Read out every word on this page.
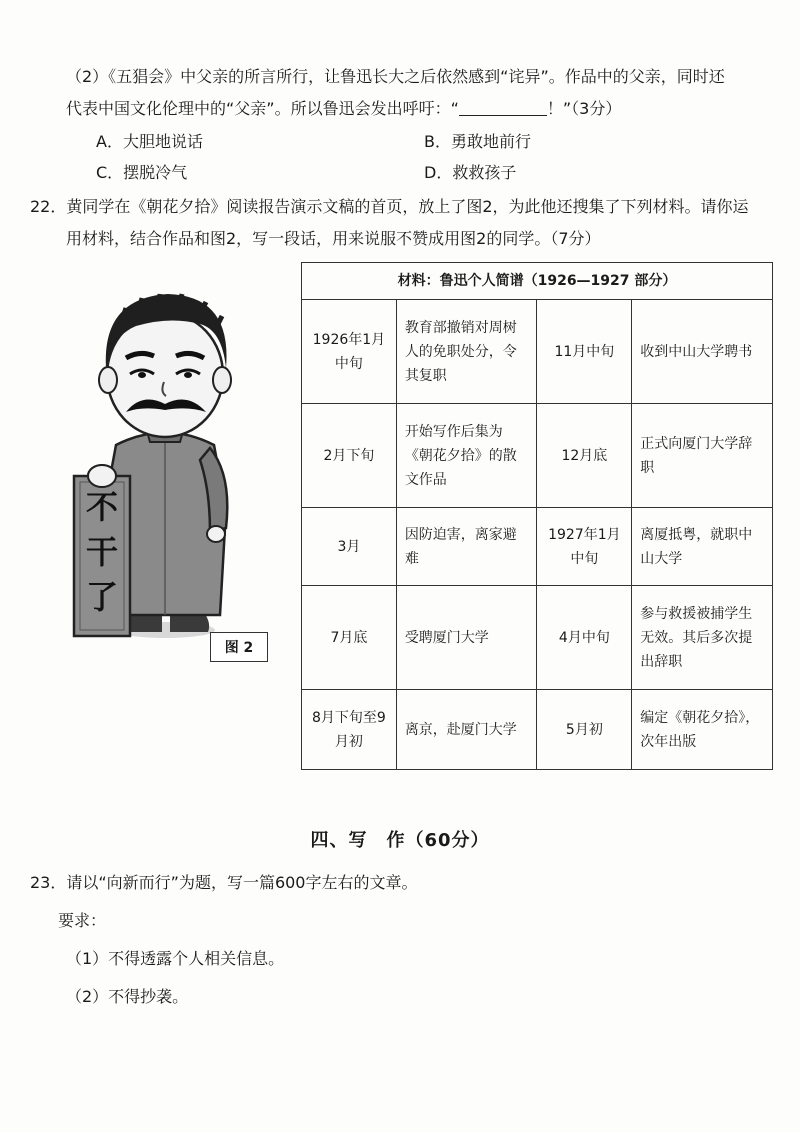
（2）《五猖会》中父亲的所言所行，让鲁迅长大之后依然感到“诧异”。作品中的父亲，同时还
代表中国文化伦理中的“父亲”。所以鲁迅会发出呼吁：“	！”（3分）
A．大胆地说话	B．勇敢地前行
C．摆脱冷气	D．救救孩子
22．黄同学在《朝花夕拾》阅读报告演示文稿的首页，放上了图2，为此他还搜集了下列材料。请你运
用材料，结合作品和图2，写一段话，用来说服不赞成用图2的同学。（7分）
不
干
了
图 2
材料：鲁迅个人简谱（1926—1927 部分）			
1926年1月中旬	教育部撤销对周树人的免职处分，令其复职	11月中旬	收到中山大学聘书
2月下旬	开始写作后集为《朝花夕拾》的散文作品	12月底	正式向厦门大学辞职
3月	因防迫害，离家避难	1927年1月中旬	离厦抵粤，就职中山大学
7月底	受聘厦门大学	4月中旬	参与救援被捕学生无效。其后多次提出辞职
8月下旬至9月初	离京，赴厦门大学	5月初	编定《朝花夕拾》，次年出版
四、写　作（60分）
23．请以“向新而行”为题，写一篇600字左右的文章。
要求：
（1）不得透露个人相关信息。
（2）不得抄袭。
